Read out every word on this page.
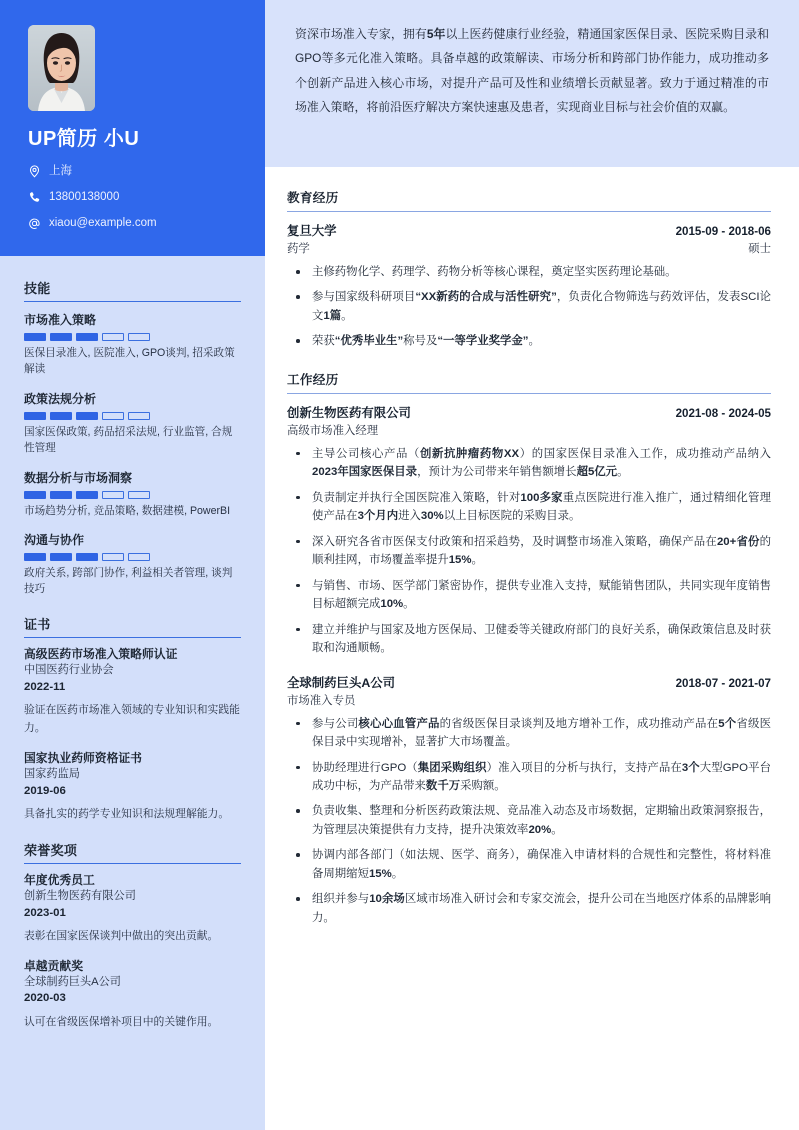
UP简历 小U
上海
13800138000
xiaou@example.com
技能
市场准入策略
医保目录准入, 医院准入, GPO谈判, 招采政策解读
政策法规分析
国家医保政策, 药品招采法规, 行业监管, 合规性管理
数据分析与市场洞察
市场趋势分析, 竞品策略, 数据建模, PowerBI
沟通与协作
政府关系, 跨部门协作, 利益相关者管理, 谈判技巧
证书
高级医药市场准入策略师认证
中国医药行业协会
2022-11
验证在医药市场准入领域的专业知识和实践能力。
国家执业药师资格证书
国家药监局
2019-06
具备扎实的药学专业知识和法规理解能力。
荣誉奖项
年度优秀员工
创新生物医药有限公司
2023-01
表彰在国家医保谈判中做出的突出贡献。
卓越贡献奖
全球制药巨头A公司
2020-03
认可在省级医保增补项目中的关键作用。

资深市场准入专家，拥有5年以上医药健康行业经验，精通国家医保目录、医院采购目录和GPO等多元化准入策略。具备卓越的政策解读、市场分析和跨部门协作能力，成功推动多个创新产品进入核心市场，对提升产品可及性和业绩增长贡献显著。致力于通过精准的市场准入策略，将前沿医疗解决方案快速惠及患者，实现商业目标与社会价值的双赢。

教育经历
复旦大学	2015-09 - 2018-06
药学	硕士
主修药物化学、药理学、药物分析等核心课程，奠定坚实医药理论基础。
参与国家级科研项目“XX新药的合成与活性研究”，负责化合物筛选与药效评估，发表SCI论文1篇。
荣获“优秀毕业生”称号及“一等学业奖学金”。
工作经历
创新生物医药有限公司	2021-08 - 2024-05
高级市场准入经理
主导公司核心产品（创新抗肿瘤药物XX）的国家医保目录准入工作，成功推动产品纳入2023年国家医保目录，预计为公司带来年销售额增长超5亿元。
负责制定并执行全国医院准入策略，针对100多家重点医院进行准入推广，通过精细化管理使产品在3个月内进入30%以上目标医院的采购目录。
深入研究各省市医保支付政策和招采趋势，及时调整市场准入策略，确保产品在20+省份的顺利挂网，市场覆盖率提升15%。
与销售、市场、医学部门紧密协作，提供专业准入支持，赋能销售团队，共同实现年度销售目标超额完成10%。
建立并维护与国家及地方医保局、卫健委等关键政府部门的良好关系，确保政策信息及时获取和沟通顺畅。
全球制药巨头A公司	2018-07 - 2021-07
市场准入专员
参与公司核心心血管产品的省级医保目录谈判及地方增补工作，成功推动产品在5个省级医保目录中实现增补，显著扩大市场覆盖。
协助经理进行GPO（集团采购组织）准入项目的分析与执行，支持产品在3个大型GPO平台成功中标，为产品带来数千万采购额。
负责收集、整理和分析医药政策法规、竞品准入动态及市场数据，定期输出政策洞察报告，为管理层决策提供有力支持，提升决策效率20%。
协调内部各部门（如法规、医学、商务），确保准入申请材料的合规性和完整性，将材料准备周期缩短15%。
组织并参与10余场区域市场准入研讨会和专家交流会，提升公司在当地医疗体系的品牌影响力。
